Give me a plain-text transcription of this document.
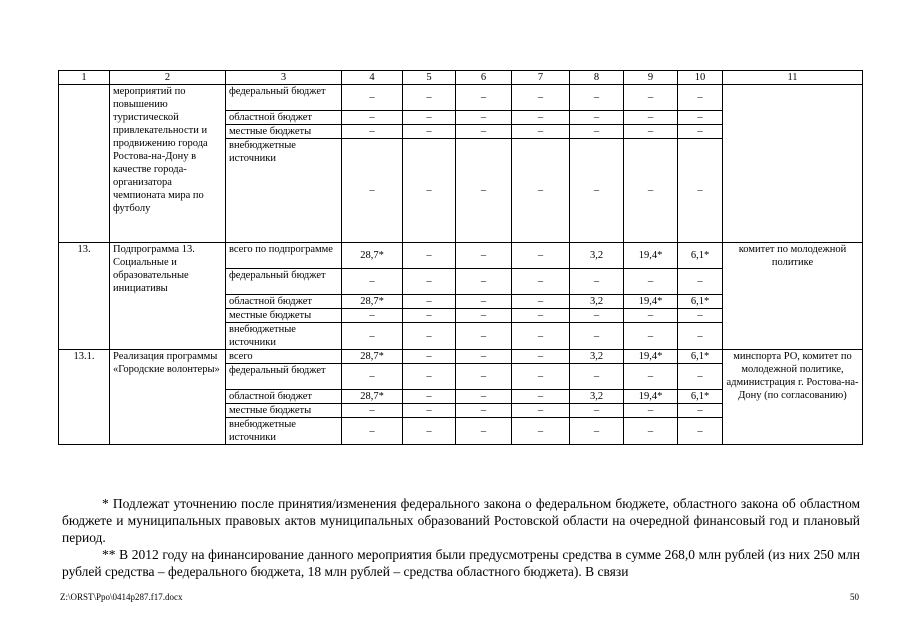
1	2	3	4	5	6	7	8	9	10	11
	мероприятий по повышению туристической привлекательности и продвижению города Ростова-на-Дону в качестве города-организатора чемпионата мира по футболу	федеральный бюджет	–	–	–	–	–	–	–	
		областной бюджет	–	–	–	–	–	–	–	
		местные бюджеты	–	–	–	–	–	–	–	
		внебюджетные источники	–	–	–	–	–	–	–	
13.	Подпрограмма 13. Социальные и образовательные инициативы	всего по подпрограмме	28,7*	–	–	–	3,2	19,4*	6,1*	комитет по молодежной политике
		федеральный бюджет	–	–	–	–	–	–	–	
		областной бюджет	28,7*	–	–	–	3,2	19,4*	6,1*	
		местные бюджеты	–	–	–	–	–	–	–	
		внебюджетные источники	–	–	–	–	–	–	–	
13.1.	Реализация программы «Городские волонтеры»	всего	28,7*	–	–	–	3,2	19,4*	6,1*	минспорта РО, комитет по молодежной политике, администрация г. Ростова-на-Дону (по согласованию)
		федеральный бюджет	–	–	–	–	–	–	–	
		областной бюджет	28,7*	–	–	–	3,2	19,4*	6,1*	
		местные бюджеты	–	–	–	–	–	–	–	
		внебюджетные источники	–	–	–	–	–	–	–	

* Подлежат уточнению после принятия/изменения федерального закона о федеральном бюджете, областного закона об областном бюджете и муниципальных правовых актов муниципальных образований Ростовской области на очередной финансовый год и плановый период.

** В 2012 году на финансирование данного мероприятия были предусмотрены средства в сумме 268,0 млн рублей (из них 250 млн рублей средства – федерального бюджета, 18 млн рублей – средства областного бюджета). В связи

Z:\ORST\Ppo\0414p287.f17.docx	50
